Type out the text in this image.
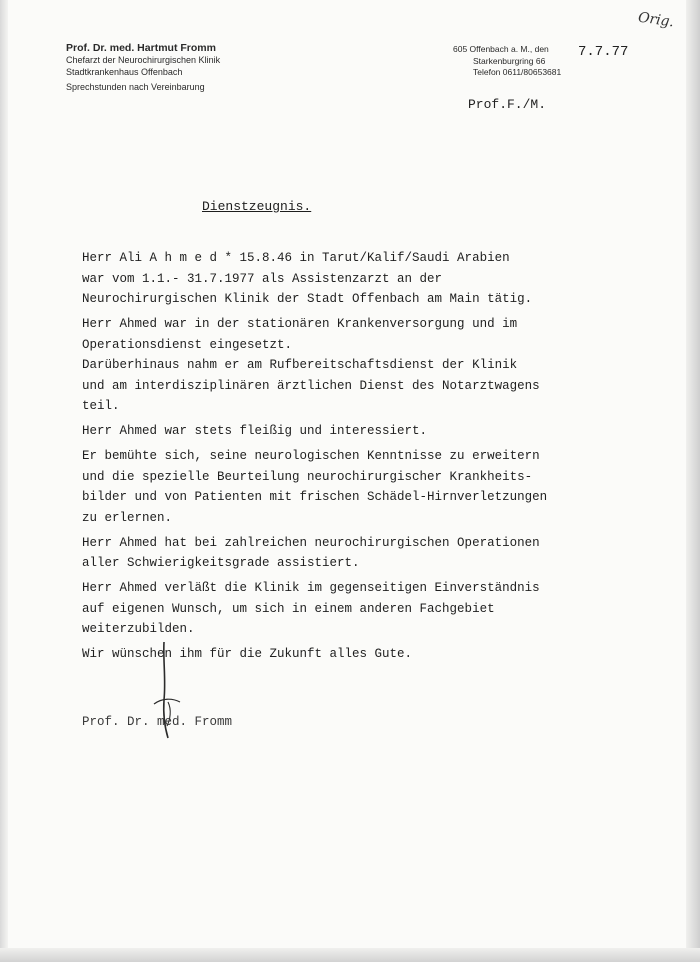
Orig.
Prof. Dr. med. Hartmut Fromm
Chefarzt der Neurochirurgischen Klinik
Stadtkrankenhaus Offenbach
Sprechstunden nach Vereinbarung
605 Offenbach a. M., den
Starkenburgring 66
Telefon 0611/80653681
7.7.77
Prof.F./M.
Dienstzeugnis.
Herr Ali A h m e d * 15.8.46 in Tarut/Kalif/Saudi Arabien
war vom 1.1.- 31.7.1977 als Assistenzarzt an der
Neurochirurgischen Klinik der Stadt Offenbach am Main tätig.
Herr Ahmed war in der stationären Krankenversorgung und im
Operationsdienst eingesetzt.
Darüberhinaus nahm er am Rufbereitschaftsdienst der Klinik
und am interdisziplinären ärztlichen Dienst des Notarztwagens
teil.
Herr Ahmed war stets fleißig und interessiert.
Er bemühte sich, seine neurologischen Kenntnisse zu erweitern
und die spezielle Beurteilung neurochirurgischer Krankheits-
bilder und von Patienten mit frischen Schädel-Hirnverletzungen
zu erlernen.
Herr Ahmed hat bei zahlreichen neurochirurgischen Operationen
aller Schwierigkeitsgrade assistiert.
Herr Ahmed verläßt die Klinik im gegenseitigen Einverständnis
auf eigenen Wunsch, um sich in einem anderen Fachgebiet
weiterzubilden.
Wir wünschen ihm für die Zukunft alles Gute.
Prof. Dr. med. Fromm
